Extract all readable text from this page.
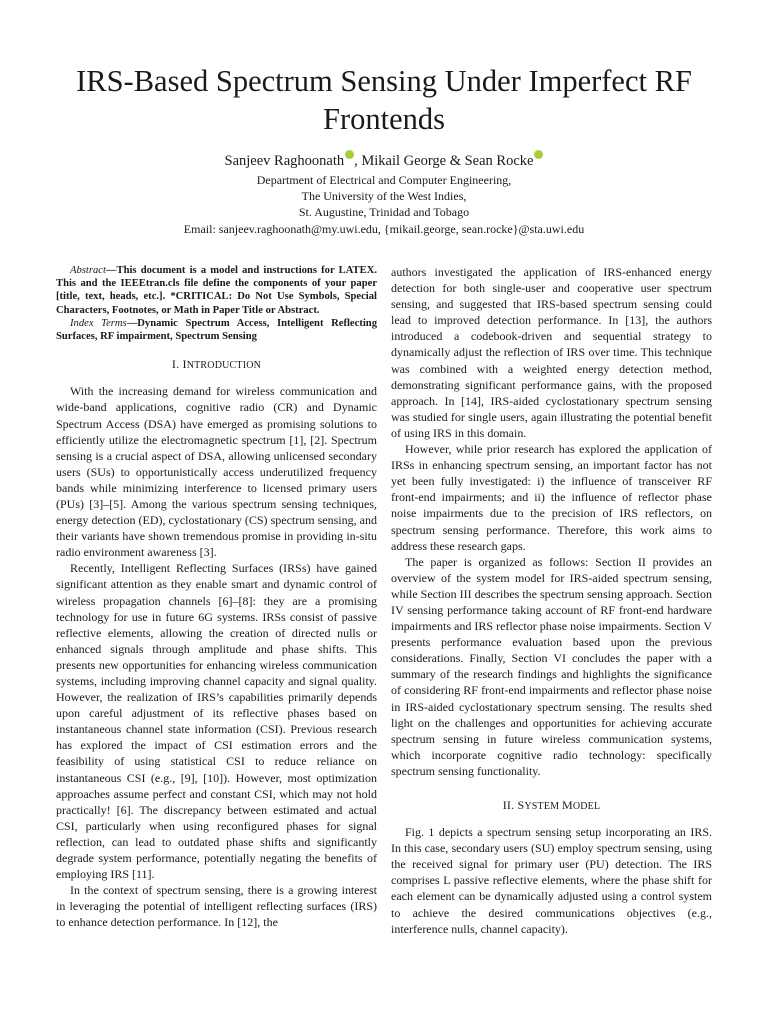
IRS-Based Spectrum Sensing Under Imperfect RF Frontends
Sanjeev Raghoonath , Mikail George & Sean Rocke
Department of Electrical and Computer Engineering,
The University of the West Indies,
St. Augustine, Trinidad and Tobago
Email: sanjeev.raghoonath@my.uwi.edu, {mikail.george, sean.rocke}@sta.uwi.edu

Abstract—This document is a model and instructions for LATEX. This and the IEEEtran.cls file define the components of your paper [title, text, heads, etc.]. *CRITICAL: Do Not Use Symbols, Special Characters, Footnotes, or Math in Paper Title or Abstract.

Index Terms—Dynamic Spectrum Access, Intelligent Reflecting Surfaces, RF impairment, Spectrum Sensing

I. INTRODUCTION

With the increasing demand for wireless communication and wide-band applications, cognitive radio (CR) and Dynamic Spectrum Access (DSA) have emerged as promising solutions to efficiently utilize the electromagnetic spectrum [1], [2]. Spectrum sensing is a crucial aspect of DSA, allowing unlicensed secondary users (SUs) to opportunistically access underutilized frequency bands while minimizing interference to licensed primary users (PUs) [3]–[5]. Among the various spectrum sensing techniques, energy detection (ED), cyclostationary (CS) spectrum sensing, and their variants have shown tremendous promise in providing in-situ radio environment awareness [3].

Recently, Intelligent Reflecting Surfaces (IRSs) have gained significant attention as they enable smart and dynamic control of wireless propagation channels [6]–[8]: they are a promising technology for use in future 6G systems. IRSs consist of passive reflective elements, allowing the creation of directed nulls or enhanced signals through amplitude and phase shifts. This presents new opportunities for enhancing wireless communication systems, including improving channel capacity and signal quality. However, the realization of IRS’s capabilities primarily depends upon careful adjustment of its reflective phases based on instantaneous channel state information (CSI). Previous research has explored the impact of CSI estimation errors and the feasibility of using statistical CSI to reduce reliance on instantaneous CSI (e.g., [9], [10]). However, most optimization approaches assume perfect and constant CSI, which may not hold practically! [6]. The discrepancy between estimated and actual CSI, particularly when using reconfigured phases for signal reflection, can lead to outdated phase shifts and significantly degrade system performance, potentially negating the benefits of employing IRS [11].

In the context of spectrum sensing, there is a growing interest in leveraging the potential of intelligent reflecting surfaces (IRS) to enhance detection performance. In [12], the

authors investigated the application of IRS-enhanced energy detection for both single-user and cooperative user spectrum sensing, and suggested that IRS-based spectrum sensing could lead to improved detection performance. In [13], the authors introduced a codebook-driven and sequential strategy to dynamically adjust the reflection of IRS over time. This technique was combined with a weighted energy detection method, demonstrating significant performance gains, with the proposed approach. In [14], IRS-aided cyclostationary spectrum sensing was studied for single users, again illustrating the potential benefit of using IRS in this domain.

However, while prior research has explored the application of IRSs in enhancing spectrum sensing, an important factor has not yet been fully investigated: i) the influence of transceiver RF front-end impairments; and ii) the influence of reflector phase noise impairments due to the precision of IRS reflectors, on spectrum sensing performance. Therefore, this work aims to address these research gaps.

The paper is organized as follows: Section II provides an overview of the system model for IRS-aided spectrum sensing, while Section III describes the spectrum sensing approach. Section IV sensing performance taking account of RF front-end hardware impairments and IRS reflector phase noise impairments. Section V presents performance evaluation based upon the previous considerations. Finally, Section VI concludes the paper with a summary of the research findings and highlights the significance of considering RF front-end impairments and reflector phase noise in IRS-aided cyclostationary spectrum sensing. The results shed light on the challenges and opportunities for achieving accurate spectrum sensing in future wireless communication systems, which incorporate cognitive radio technology: specifically spectrum sensing functionality.

II. SYSTEM MODEL

Fig. 1 depicts a spectrum sensing setup incorporating an IRS. In this case, secondary users (SU) employ spectrum sensing, using the received signal for primary user (PU) detection. The IRS comprises L passive reflective elements, where the phase shift for each element can be dynamically adjusted using a control system to achieve the desired communications objectives (e.g., interference nulls, channel capacity).
